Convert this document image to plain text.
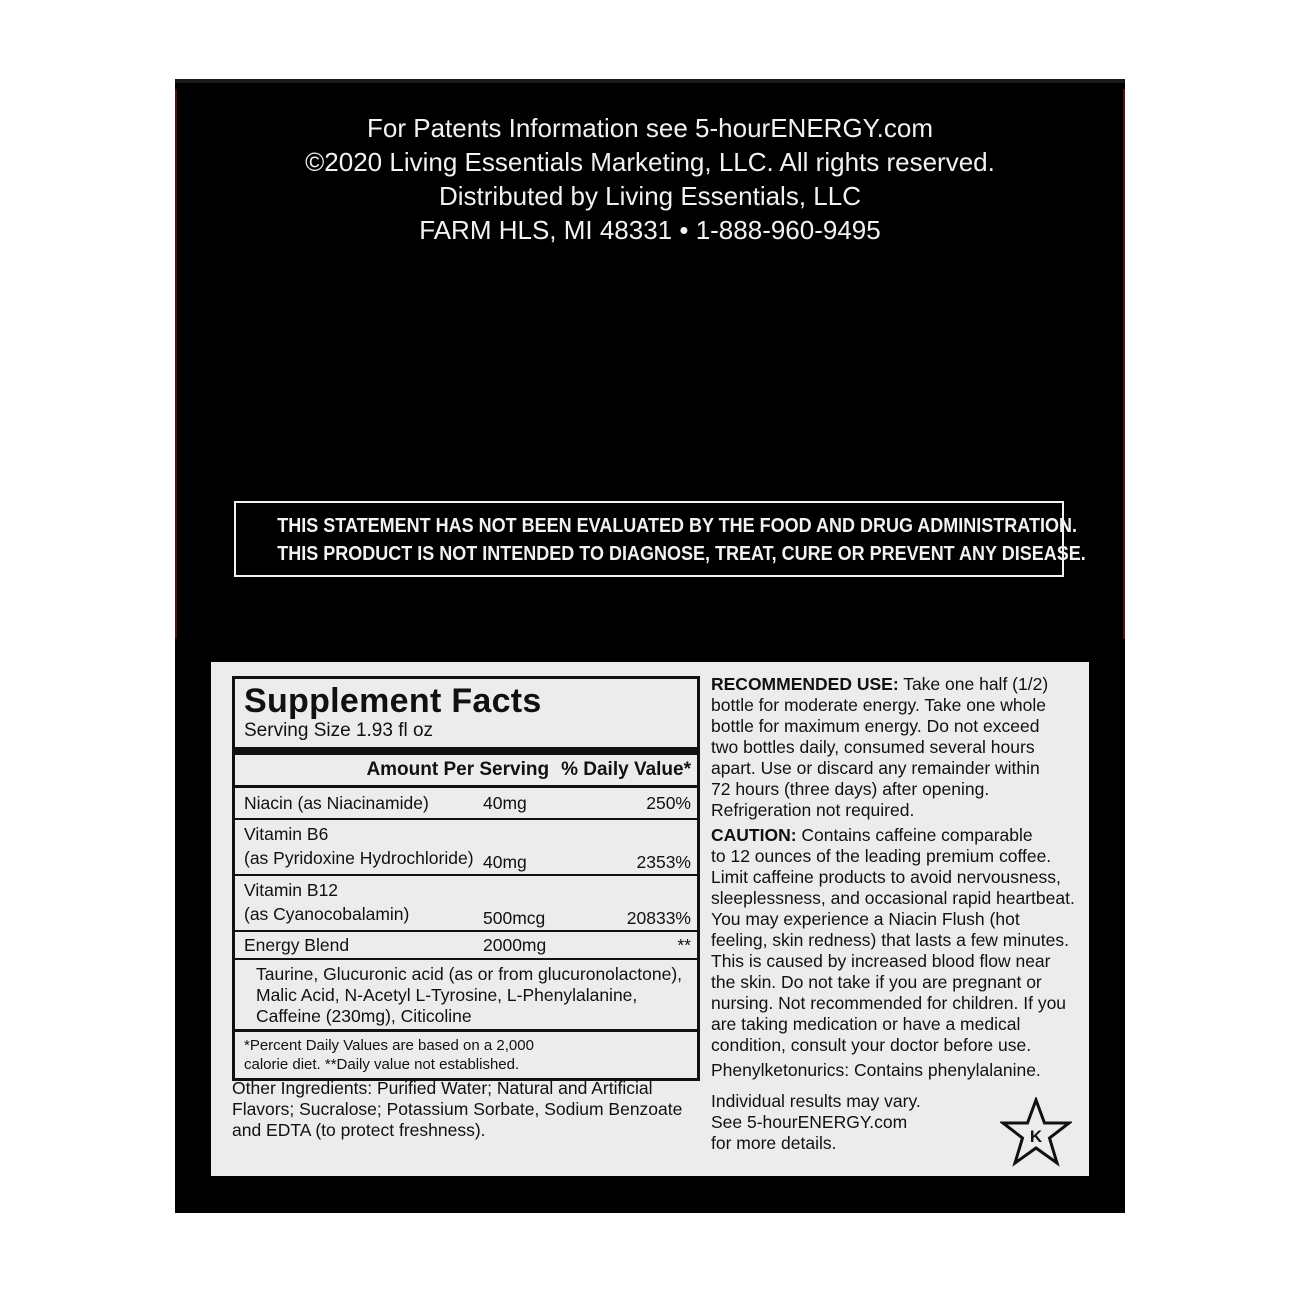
For Patents Information see 5-hourENERGY.com
©2020 Living Essentials Marketing, LLC. All rights reserved.
Distributed by Living Essentials, LLC
FARM HLS, MI 48331 • 1-888-960-9495
THIS STATEMENT HAS NOT BEEN EVALUATED BY THE FOOD AND DRUG ADMINISTRATION.
THIS PRODUCT IS NOT INTENDED TO DIAGNOSE, TREAT, CURE OR PREVENT ANY DISEASE.
Supplement Facts
Serving Size 1.93 fl oz
Amount Per Serving % Daily Value*
Niacin (as Niacinamide)	40mg	250%
Vitamin B6
(as Pyridoxine Hydrochloride) 40mg	2353%
Vitamin B12
(as Cyanocobalamin)	500mcg	20833%
Energy Blend	2000mg	**
Taurine, Glucuronic acid (as or from glucuronolactone),
Malic Acid, N-Acetyl L-Tyrosine, L-Phenylalanine,
Caffeine (230mg), Citicoline
*Percent Daily Values are based on a 2,000
calorie diet. **Daily value not established.
Other Ingredients: Purified Water; Natural and Artificial
Flavors; Sucralose; Potassium Sorbate, Sodium Benzoate
and EDTA (to protect freshness).

RECOMMENDED USE: Take one half (1/2)
bottle for moderate energy. Take one whole
bottle for maximum energy. Do not exceed
two bottles daily, consumed several hours
apart. Use or discard any remainder within
72 hours (three days) after opening.
Refrigeration not required.

CAUTION: Contains caffeine comparable
to 12 ounces of the leading premium coffee.
Limit caffeine products to avoid nervousness,
sleeplessness, and occasional rapid heartbeat.
You may experience a Niacin Flush (hot
feeling, skin redness) that lasts a few minutes.
This is caused by increased blood flow near
the skin. Do not take if you are pregnant or
nursing. Not recommended for children. If you
are taking medication or have a medical
condition, consult your doctor before use.

Phenylketonurics: Contains phenylalanine.

Individual results may vary.
See 5-hourENERGY.com
for more details.	K
